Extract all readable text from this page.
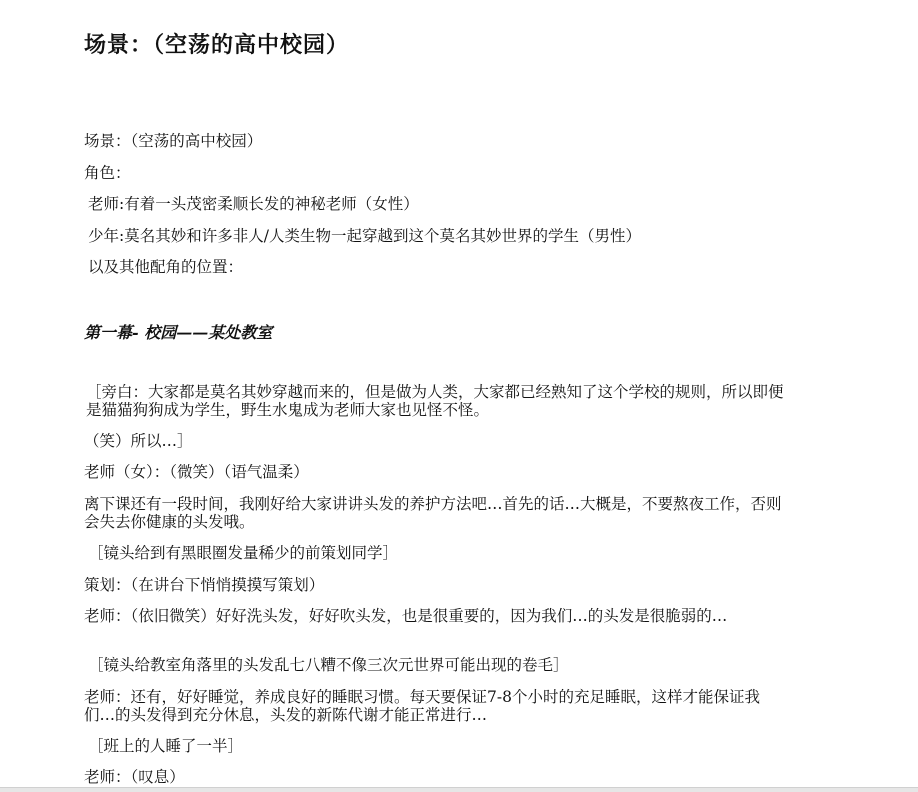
场景：（空荡的高中校园）
场景：（空荡的高中校园）
角色：
老师:有着一头茂密柔顺长发的神秘老师（女性）
少年:莫名其妙和许多非人/人类生物一起穿越到这个莫名其妙世界的学生（男性）
以及其他配角的位置：
第一幕- 校园——某处教室
［旁白：大家都是莫名其妙穿越而来的，但是做为人类，大家都已经熟知了这个学校的规则，所以即便是猫猫狗狗成为学生，野生水鬼成为老师大家也见怪不怪。
（笑）所以…］
老师（女）：（微笑）（语气温柔）
离下课还有一段时间，我刚好给大家讲讲头发的养护方法吧…首先的话…大概是，不要熬夜工作，否则会失去你健康的头发哦。
［镜头给到有黑眼圈发量稀少的前策划同学］
策划：（在讲台下悄悄摸摸写策划）
老师：（依旧微笑）好好洗头发，好好吹头发，也是很重要的，因为我们…的头发是很脆弱的…
［镜头给教室角落里的头发乱七八糟不像三次元世界可能出现的卷毛］
老师：还有，好好睡觉，养成良好的睡眠习惯。每天要保证7-8个小时的充足睡眠，这样才能保证我们…的头发得到充分休息，头发的新陈代谢才能正常进行…
［班上的人睡了一半］
老师：（叹息）
